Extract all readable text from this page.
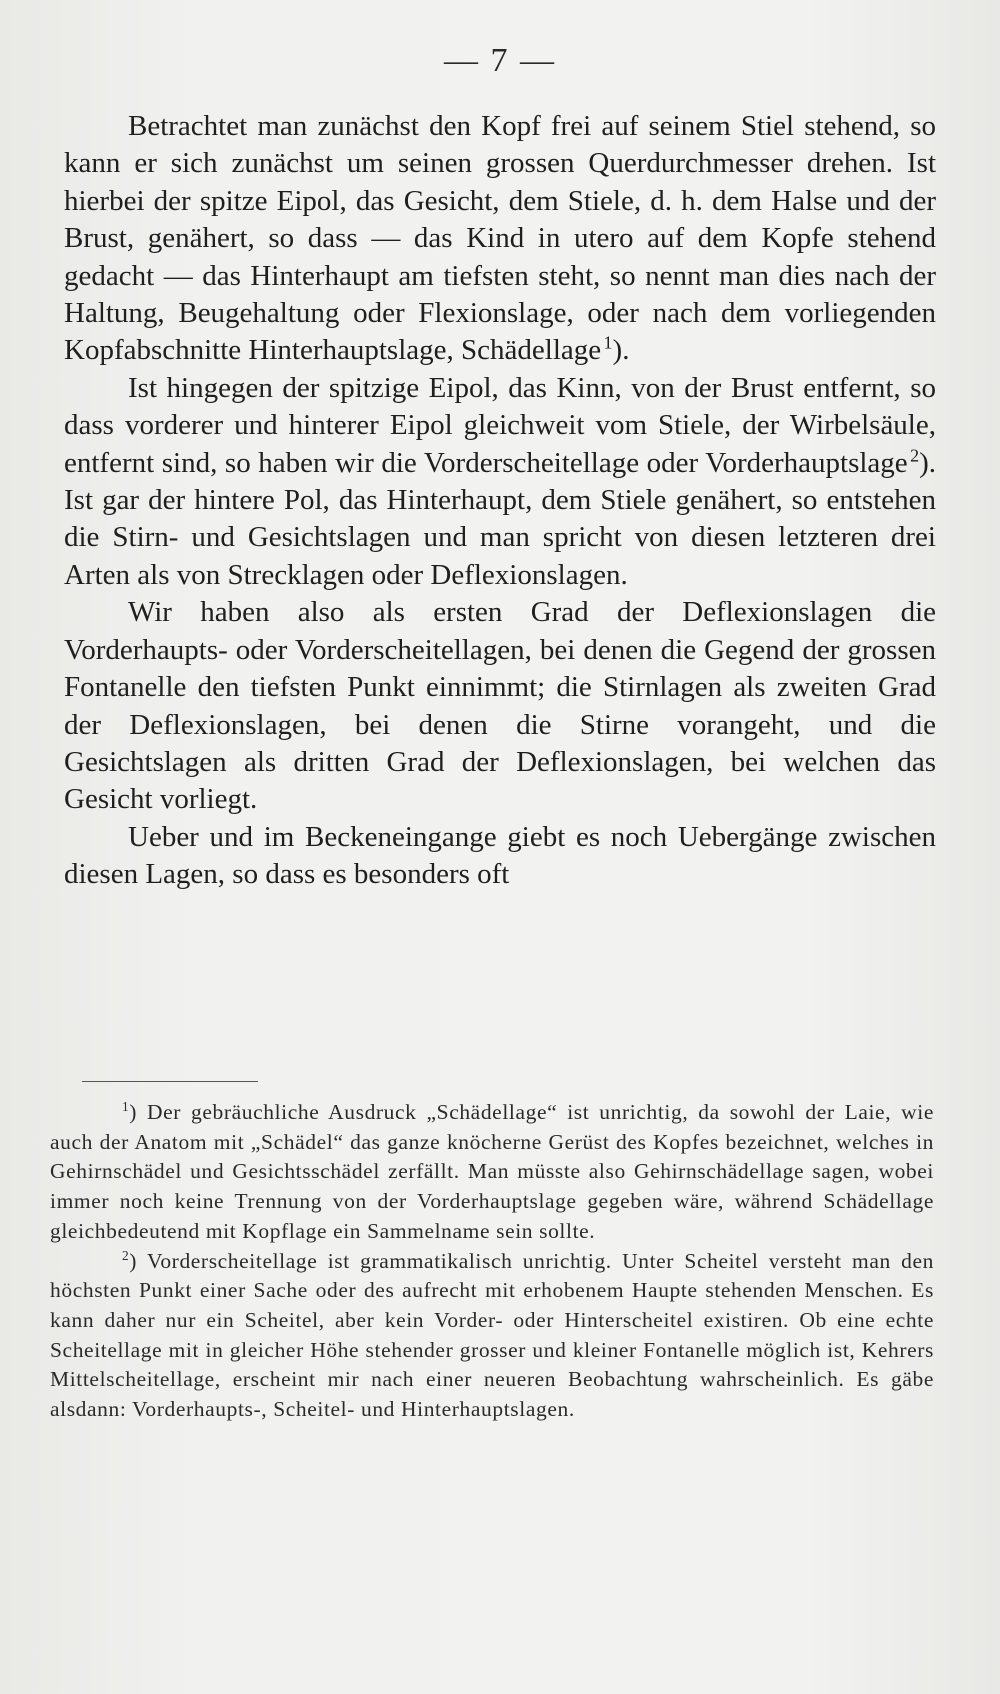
— 7 —

Betrachtet man zunächst den Kopf frei auf seinem Stiel stehend, so kann er sich zunächst um seinen grossen Querdurchmesser drehen. Ist hierbei der spitze Eipol, das Gesicht, dem Stiele, d. h. dem Halse und der Brust, genähert, so dass — das Kind in utero auf dem Kopfe stehend gedacht — das Hinterhaupt am tiefsten steht, so nennt man dies nach der Haltung, Beugehaltung oder Flexionslage, oder nach dem vorliegenden Kopfabschnitte Hinterhauptslage, Schädellage  $^1$).

Ist hingegen der spitzige Eipol, das Kinn, von der Brust entfernt, so dass vorderer und hinterer Eipol gleichweit vom Stiele, der Wirbelsäule, entfernt sind, so haben wir die Vorderscheitellage oder Vorderhauptslage  $^2$). Ist gar der hintere Pol, das Hinterhaupt, dem Stiele genähert, so entstehen die Stirn- und Gesichtslagen und man spricht von diesen letzteren drei Arten als von Strecklagen oder Deflexionslagen.

Wir haben also als ersten Grad der Deflexionslagen die Vorderhaupts- oder Vorderscheitellagen, bei denen die Gegend der grossen Fontanelle den tiefsten Punkt einnimmt; die Stirnlagen als zweiten Grad der Deflexionslagen, bei denen die Stirne vorangeht, und die Gesichtslagen als dritten Grad der Deflexionslagen, bei welchen das Gesicht vorliegt.

Ueber und im Beckeneingange giebt es noch Uebergänge zwischen diesen Lagen, so dass es besonders oft

$^1$) Der gebräuchliche Ausdruck „Schädellage“ ist unrichtig, da sowohl der Laie, wie auch der Anatom mit „Schädel“ das ganze knöcherne Gerüst des Kopfes bezeichnet, welches in Gehirnschädel und Gesichtsschädel zerfällt. Man müsste also Gehirnschädellage sagen, wobei immer noch keine Trennung von der Vorderhauptslage gegeben wäre, während Schädellage gleichbedeutend mit Kopflage ein Sammelname sein sollte.

$^2$) Vorderscheitellage ist grammatikalisch unrichtig. Unter Scheitel versteht man den höchsten Punkt einer Sache oder des aufrecht mit erhobenem Haupte stehenden Menschen. Es kann daher nur ein Scheitel, aber kein Vorder- oder Hinterscheitel existiren. Ob eine echte Scheitellage mit in gleicher Höhe stehender grosser und kleiner Fontanelle möglich ist, Kehrers Mittelscheitellage, erscheint mir nach einer neueren Beobachtung wahrscheinlich. Es gäbe alsdann: Vorderhaupts-, Scheitel- und Hinterhauptslagen.
